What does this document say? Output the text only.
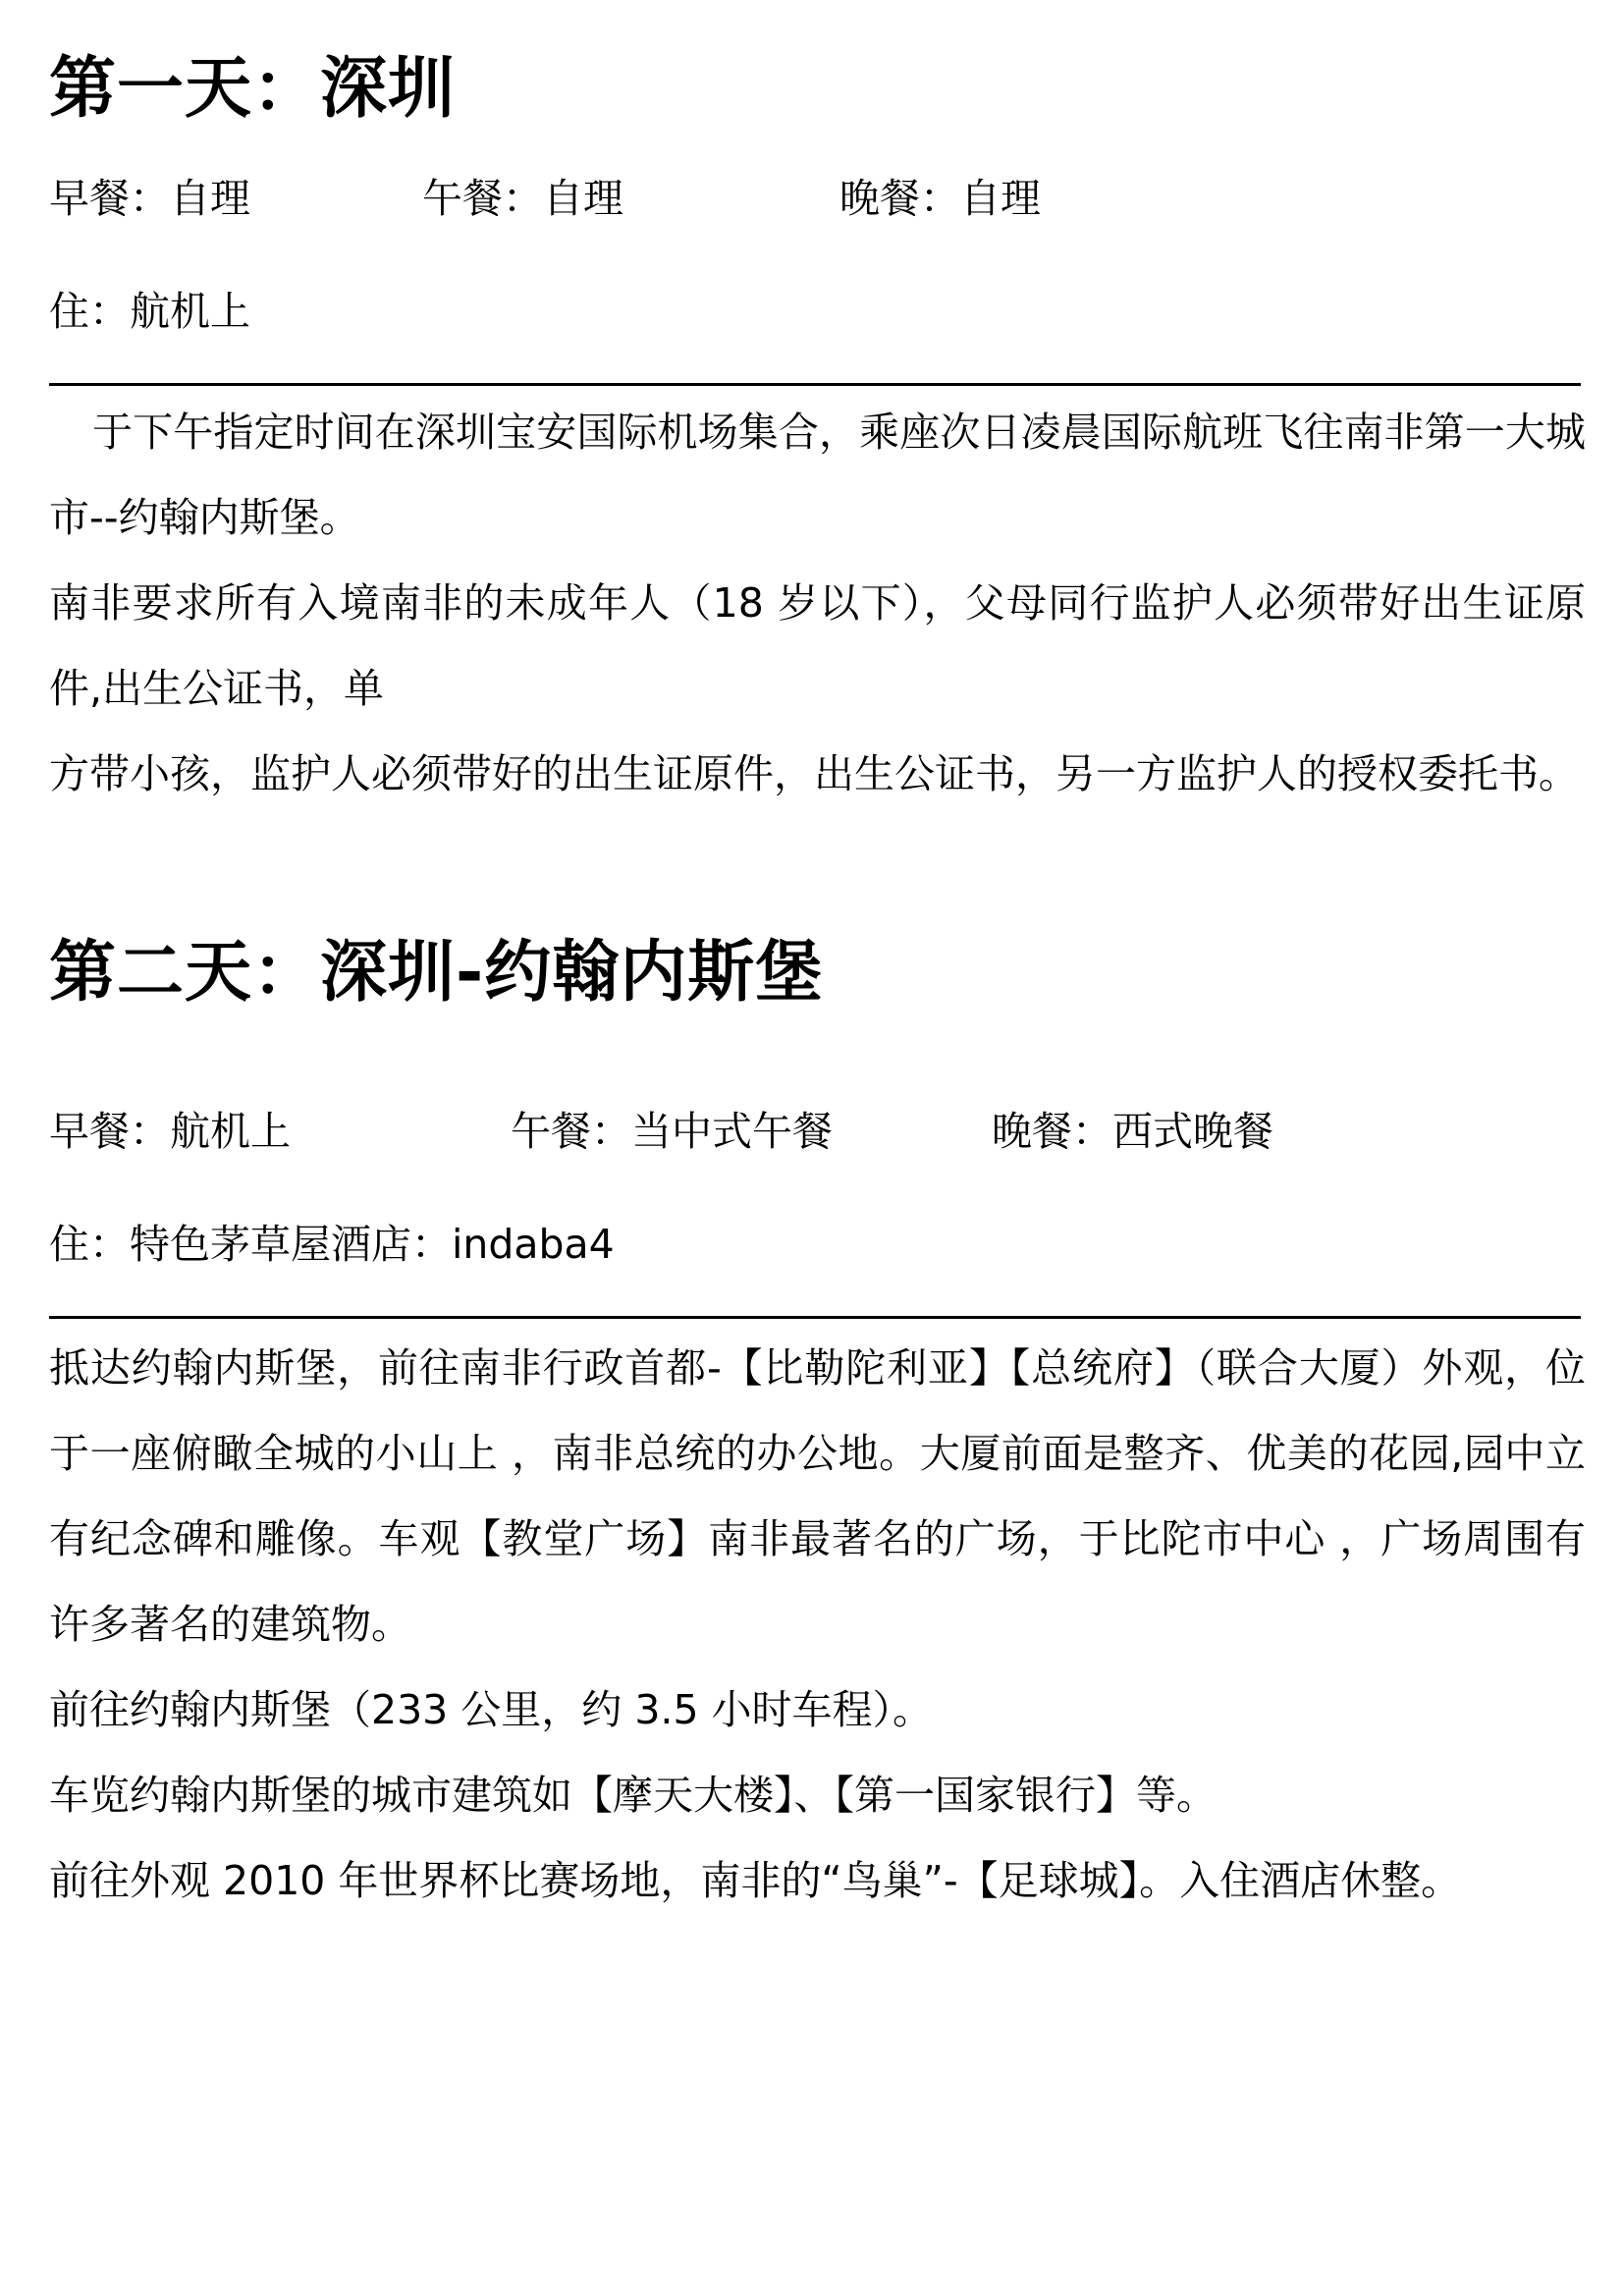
第一天：深圳
早餐：自理	午餐：自理	晚餐：自理
住：航机上

于下午指定时间在深圳宝安国际机场集合，乘座次日凌晨国际航班飞往南非第一大城市--约翰内斯堡。

南非要求所有入境南非的未成年人（18 岁以下），父母同行监护人必须带好出生证原件,出生公证书，单

方带小孩，监护人必须带好的出生证原件，出生公证书，另一方监护人的授权委托书。

第二天：深圳-约翰内斯堡
早餐：航机上	午餐：当中式午餐	晚餐：西式晚餐
住：特色茅草屋酒店：indaba4

抵达约翰内斯堡，前往南非行政首都-【比勒陀利亚】【总统府】（联合大厦）外观，位于一座俯瞰全城的小山上 ，南非总统的办公地。大厦前面是整齐、优美的花园,园中立有纪念碑和雕像。车观【教堂广场】南非最著名的广场，于比陀市中心 ，广场周围有许多著名的建筑物。

前往约翰内斯堡（233 公里，约 3.5 小时车程）。

车览约翰内斯堡的城市建筑如【摩天大楼】、【第一国家银行】等。

前往外观 2010 年世界杯比赛场地，南非的“鸟巢”-【足球城】。入住酒店休整。
